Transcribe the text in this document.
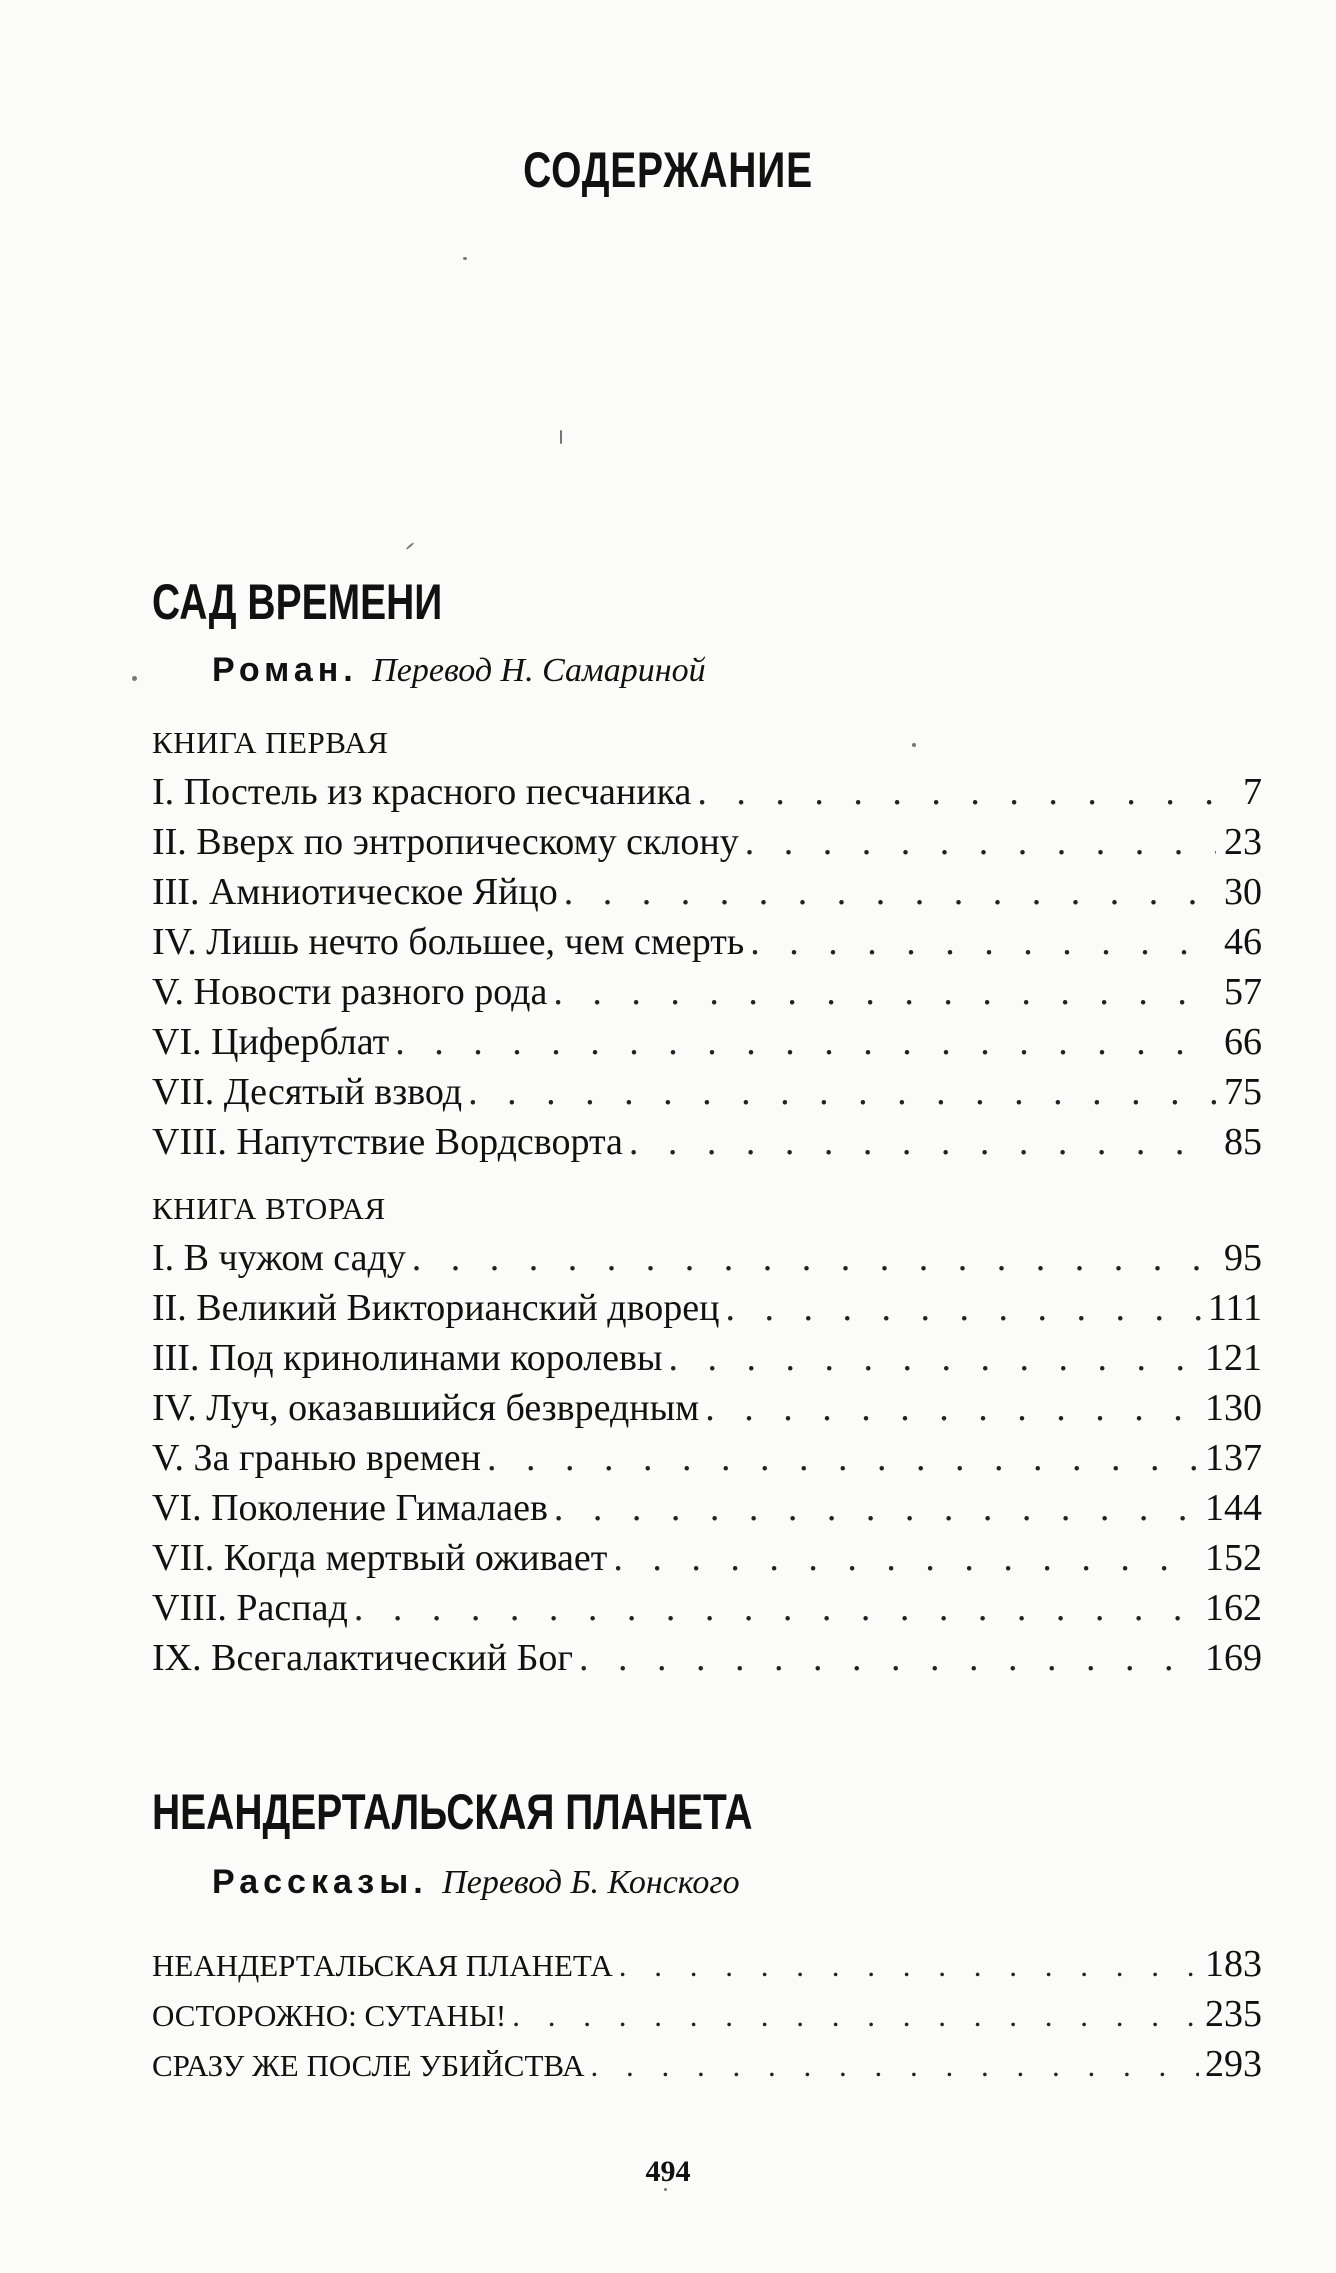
СОДЕРЖАНИЕ
САД ВРЕМЕНИ
Роман. Перевод Н. Самариной
КНИГА ПЕРВАЯ
I. Постель из красного песчаника . . .	7
II. Вверх по энтропическому склону . . .	23
III. Амниотическое Яйцо . . .	30
IV. Лишь нечто большее, чем смерть . . .	46
V. Новости разного рода . . .	57
VI. Циферблат . . .	66
VII. Десятый взвод . . .	75
VIII. Напутствие Вордсворта . . .	85
КНИГА ВТОРАЯ
I. В чужом саду . . .	95
II. Великий Викторианский дворец . . .	111
III. Под кринолинами королевы . . .	121
IV. Луч, оказавшийся безвредным . . .	130
V. За гранью времен . . .	137
VI. Поколение Гималаев . . .	144
VII. Когда мертвый оживает . . .	152
VIII. Распад . . .	162
IX. Всегалактический Бог . . .	169
НЕАНДЕРТАЛЬСКАЯ ПЛАНЕТА
Рассказы. Перевод Б. Конского
НЕАНДЕРТАЛЬСКАЯ ПЛАНЕТА . . .	183
ОСТОРОЖНО: СУТАНЫ! . . .	235
СРАЗУ ЖЕ ПОСЛЕ УБИЙСТВА . . .	293
494
